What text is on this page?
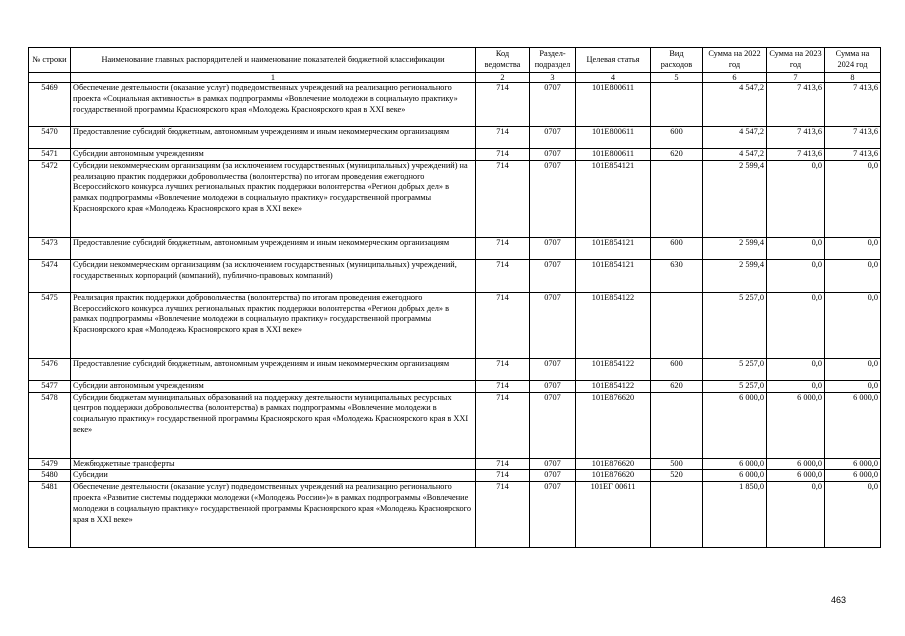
№ строки	Наименование главных распорядителей и наименование показателей бюджетной классификации	Код ведомства	Раздел- подраздел	Целевая статья	Вид расходов	Сумма на 2022 год	Сумма на 2023 год	Сумма на 2024 год
	1	2	3	4	5	6	7	8
5469	Обеспечение деятельности (оказание услуг) подведомственных учреждений на реализацию регионального проекта «Социальная активность» в рамках подпрограммы «Вовлечение молодежи в социальную практику» государственной программы Красноярского края «Молодежь Красноярского края в XXI веке»	714	0707	101E800611		4 547,2	7 413,6	7 413,6
5470	Предоставление субсидий бюджетным, автономным учреждениям и иным некоммерческим организациям	714	0707	101E800611	600	4 547,2	7 413,6	7 413,6
5471	Субсидии автономным учреждениям	714	0707	101E800611	620	4 547,2	7 413,6	7 413,6
5472	Субсидии некоммерческим организациям (за исключением государственных (муниципальных) учреждений) на реализацию практик поддержки добровольчества (волонтерства) по итогам проведения ежегодного Всероссийского конкурса лучших региональных практик поддержки волонтерства «Регион добрых дел» в рамках подпрограммы «Вовлечение молодежи в социальную практику» государственной программы Красноярского края «Молодежь Красноярского края в XXI веке»	714	0707	101E854121		2 599,4	0,0	0,0
5473	Предоставление субсидий бюджетным, автономным учреждениям и иным некоммерческим организациям	714	0707	101E854121	600	2 599,4	0,0	0,0
5474	Субсидии некоммерческим организациям (за исключением государственных (муниципальных) учреждений, государственных корпораций (компаний), публично-правовых компаний)	714	0707	101E854121	630	2 599,4	0,0	0,0
5475	Реализация практик поддержки добровольчества (волонтерства) по итогам проведения ежегодного Всероссийского конкурса лучших региональных практик поддержки волонтерства «Регион добрых дел» в рамках подпрограммы «Вовлечение молодежи в социальную практику» государственной программы Красноярского края «Молодежь Красноярского края в XXI веке»	714	0707	101E854122		5 257,0	0,0	0,0
5476	Предоставление субсидий бюджетным, автономным учреждениям и иным некоммерческим организациям	714	0707	101E854122	600	5 257,0	0,0	0,0
5477	Субсидии автономным учреждениям	714	0707	101E854122	620	5 257,0	0,0	0,0
5478	Субсидии бюджетам муниципальных образований на поддержку деятельности муниципальных ресурсных центров поддержки добровольчества (волонтерства) в рамках подпрограммы «Вовлечение молодежи в социальную практику» государственной программы Красноярского края «Молодежь Красноярского края в XXI веке»	714	0707	101E876620		6 000,0	6 000,0	6 000,0
5479	Межбюджетные трансферты	714	0707	101E876620	500	6 000,0	6 000,0	6 000,0
5480	Субсидии	714	0707	101E876620	520	6 000,0	6 000,0	6 000,0
5481	Обеспечение деятельности (оказание услуг) подведомственных учреждений на реализацию регионального проекта «Развитие системы поддержки молодежи («Молодежь России»)» в рамках подпрограммы «Вовлечение молодежи в социальную практику» государственной программы Красноярского края «Молодежь Красноярского края в XXI веке»	714	0707	101EГ 00611		1 850,0	0,0	0,0
463
